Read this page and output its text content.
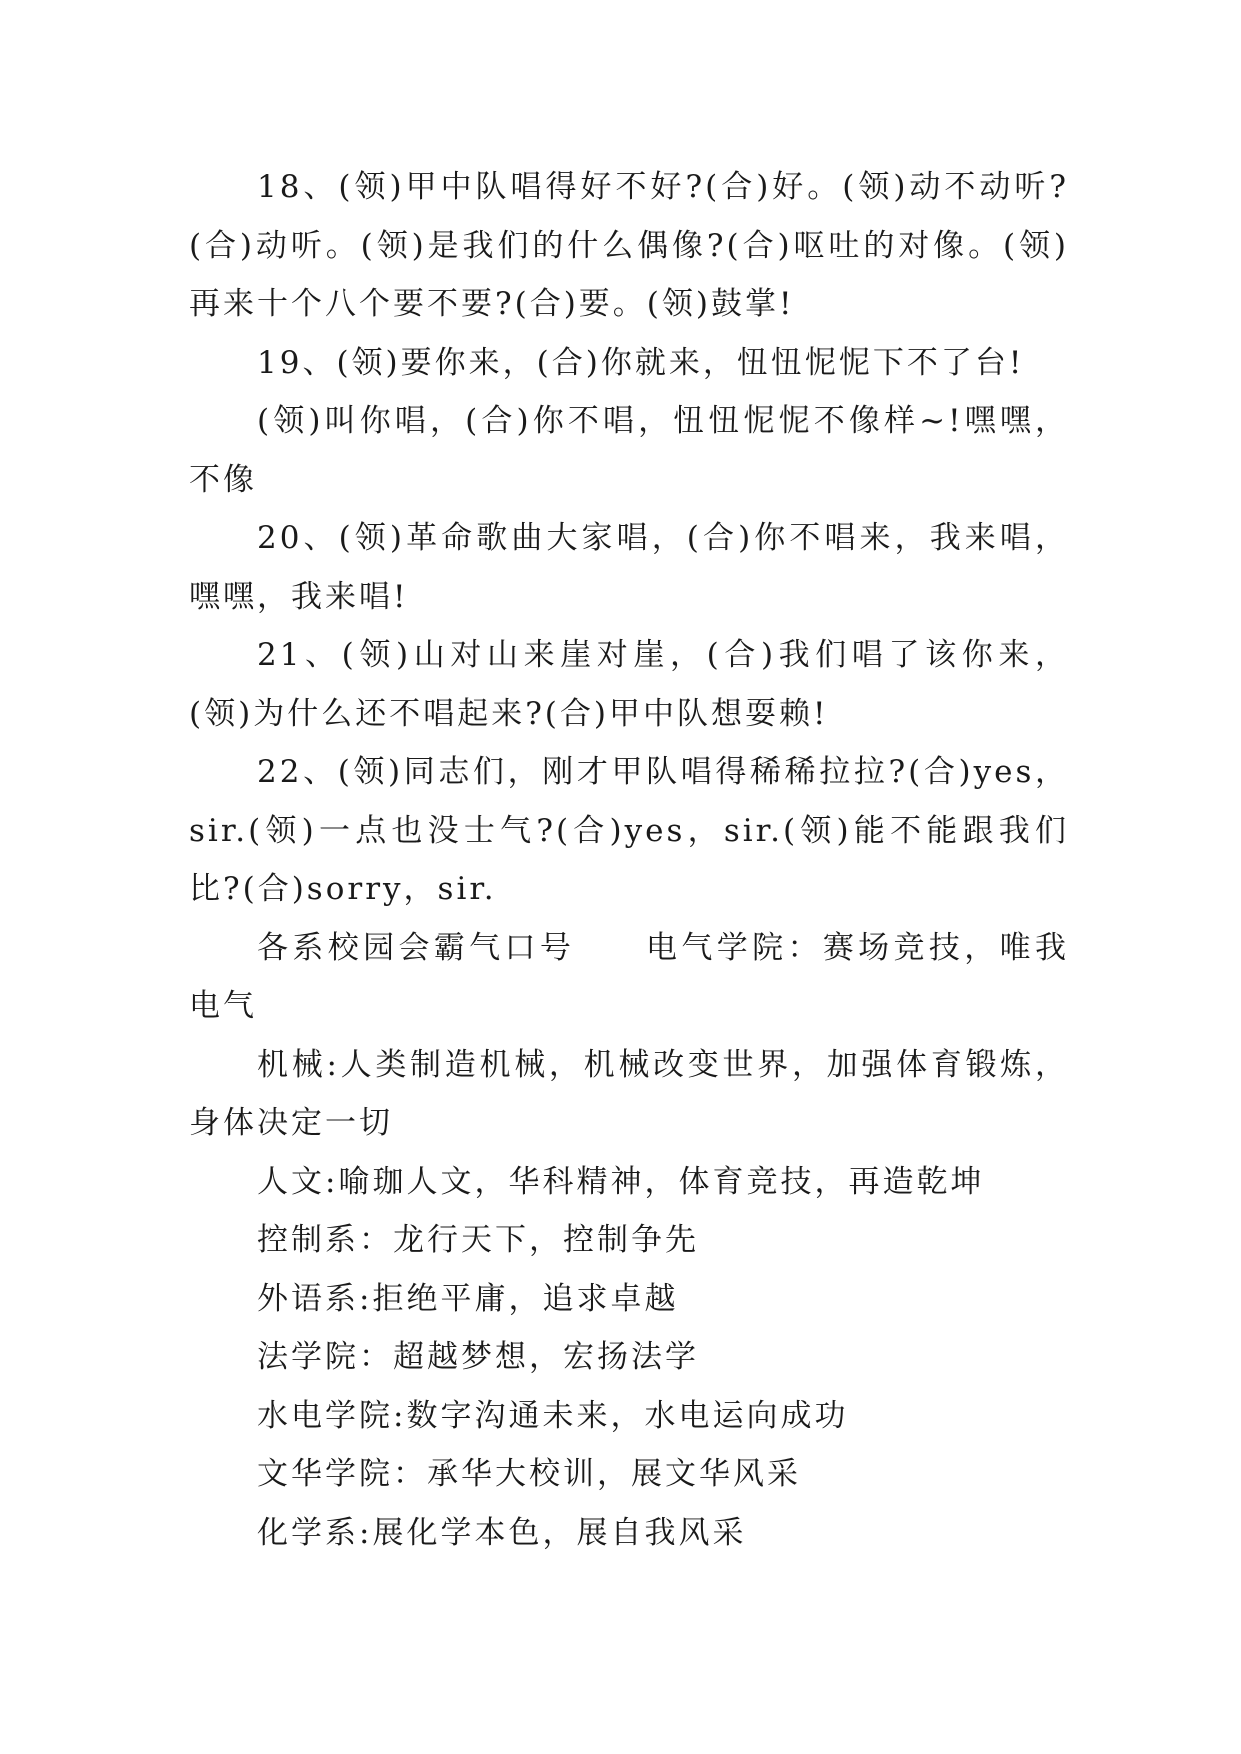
18、(领)甲中队唱得好不好?(合)好。(领)动不动听?(合)动听。(领)是我们的什么偶像?(合)呕吐的对像。(领)再来十个八个要不要?(合)要。(领)鼓掌!

19、(领)要你来，(合)你就来，忸忸怩怩下不了台!

(领)叫你唱，(合)你不唱，忸忸怩怩不像样~!嘿嘿，不像

20、(领)革命歌曲大家唱，(合)你不唱来，我来唱，嘿嘿，我来唱!

21、(领)山对山来崖对崖，(合)我们唱了该你来，(领)为什么还不唱起来?(合)甲中队想耍赖!

22、(领)同志们，刚才甲队唱得稀稀拉拉?(合)yes，sir.(领)一点也没士气?(合)yes，sir.(领)能不能跟我们比?(合)sorry，sir.

各系校园会霸气口号　　电气学院：赛场竞技，唯我电气

机械:人类制造机械，机械改变世界，加强体育锻炼，身体决定一切

人文:喻珈人文，华科精神，体育竞技，再造乾坤

控制系：龙行天下，控制争先

外语系:拒绝平庸，追求卓越

法学院：超越梦想，宏扬法学

水电学院:数字沟通未来，水电运向成功

文华学院：承华大校训，展文华风采

化学系:展化学本色，展自我风采
